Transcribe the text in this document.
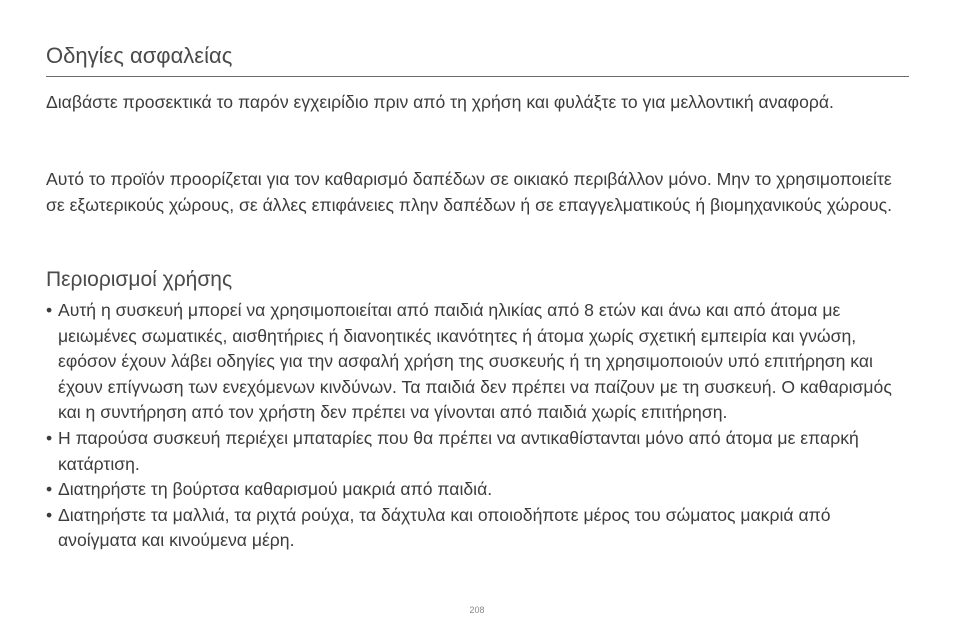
Οδηγίες ασφαλείας

Διαβάστε προσεκτικά το παρόν εγχειρίδιο πριν από τη χρήση και φυλάξτε το για μελλοντική αναφορά.

Αυτό το προϊόν προορίζεται για τον καθαρισμό δαπέδων σε οικιακό περιβάλλον μόνο. Μην το χρησιμοποιείτε σε εξωτερικούς χώρους, σε άλλες επιφάνειες πλην δαπέδων ή σε επαγγελματικούς ή βιομηχανικούς χώρους.

Περιορισμοί χρήσης
• Αυτή η συσκευή μπορεί να χρησιμοποιείται από παιδιά ηλικίας από 8 ετών και άνω και από άτομα με μειωμένες σωματικές, αισθητήριες ή διανοητικές ικανότητες ή άτομα χωρίς σχετική εμπειρία και γνώση, εφόσον έχουν λάβει οδηγίες για την ασφαλή χρήση της συσκευής ή τη χρησιμοποιούν υπό επιτήρηση και έχουν επίγνωση των ενεχόμενων κινδύνων. Τα παιδιά δεν πρέπει να παίζουν με τη συσκευή. Ο καθαρισμός και η συντήρηση από τον χρήστη δεν πρέπει να γίνονται από παιδιά χωρίς επιτήρηση.
• Η παρούσα συσκευή περιέχει μπαταρίες που θα πρέπει να αντικαθίστανται μόνο από άτομα με επαρκή κατάρτιση.
• Διατηρήστε τη βούρτσα καθαρισμού μακριά από παιδιά.
• Διατηρήστε τα μαλλιά, τα ριχτά ρούχα, τα δάχτυλα και οποιοδήποτε μέρος του σώματος μακριά από ανοίγματα και κινούμενα μέρη.
208
